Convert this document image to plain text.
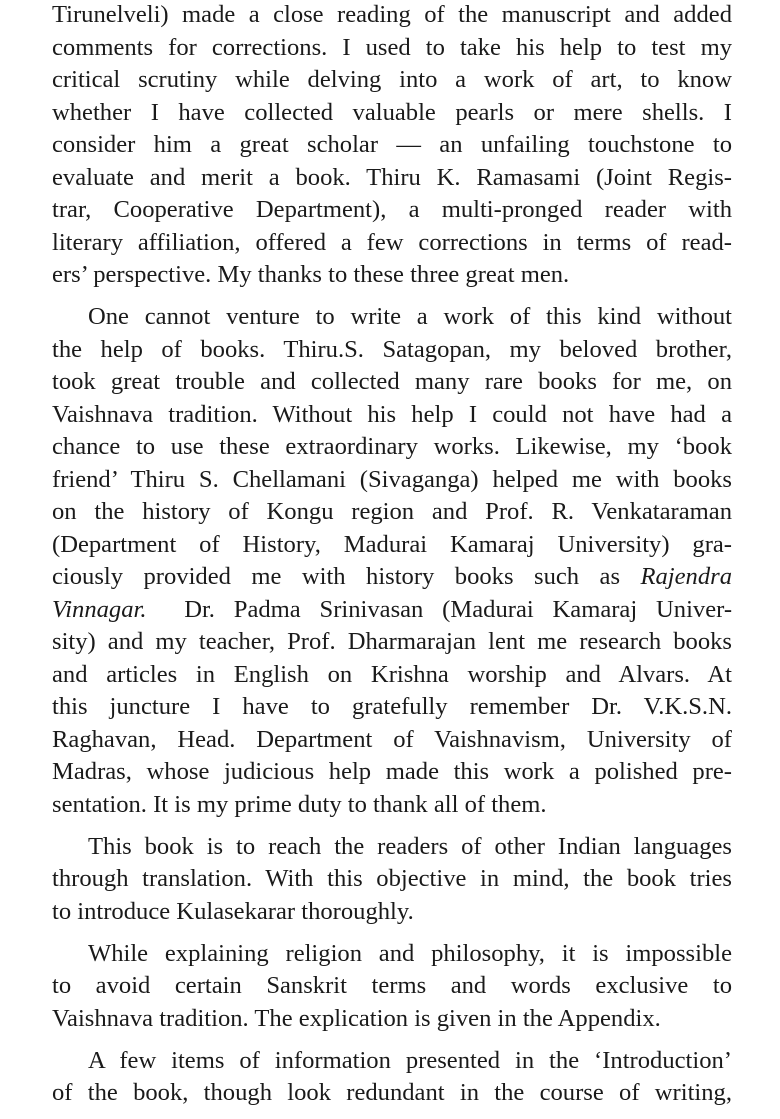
Tirunelveli) made a close reading of the manuscript and added
comments for corrections. I used to take his help to test my
critical scrutiny while delving into a work of art, to know
whether I have collected valuable pearls or mere shells. I
consider him a great scholar — an unfailing touchstone to
evaluate and merit a book. Thiru K. Ramasami (Joint Regis-
trar, Cooperative Department), a multi-pronged reader with
literary affiliation, offered a few corrections in terms of read-
ers’ perspective. My thanks to these three great men.
One cannot venture to write a work of this kind without
the help of books. Thiru.S. Satagopan, my beloved brother,
took great trouble and collected many rare books for me, on
Vaishnava tradition. Without his help I could not have had a
chance to use these extraordinary works. Likewise, my ‘book
friend’ Thiru S. Chellamani (Sivaganga) helped me with books
on the history of Kongu region and Prof. R. Venkataraman
(Department of History, Madurai Kamaraj University) gra-
ciously provided me with history books such as Rajendra
Vinnagar. Dr. Padma Srinivasan (Madurai Kamaraj Univer-
sity) and my teacher, Prof. Dharmarajan lent me research books
and articles in English on Krishna worship and Alvars. At
this juncture I have to gratefully remember Dr. V.K.S.N.
Raghavan, Head. Department of Vaishnavism, University of
Madras, whose judicious help made this work a polished pre-
sentation. It is my prime duty to thank all of them.
This book is to reach the readers of other Indian languages
through translation. With this objective in mind, the book tries
to introduce Kulasekarar thoroughly.
While explaining religion and philosophy, it is impossible
to avoid certain Sanskrit terms and words exclusive to
Vaishnava tradition. The explication is given in the Appendix.
A few items of information presented in the ‘Introduction’
of the book, though look redundant in the course of writing,
